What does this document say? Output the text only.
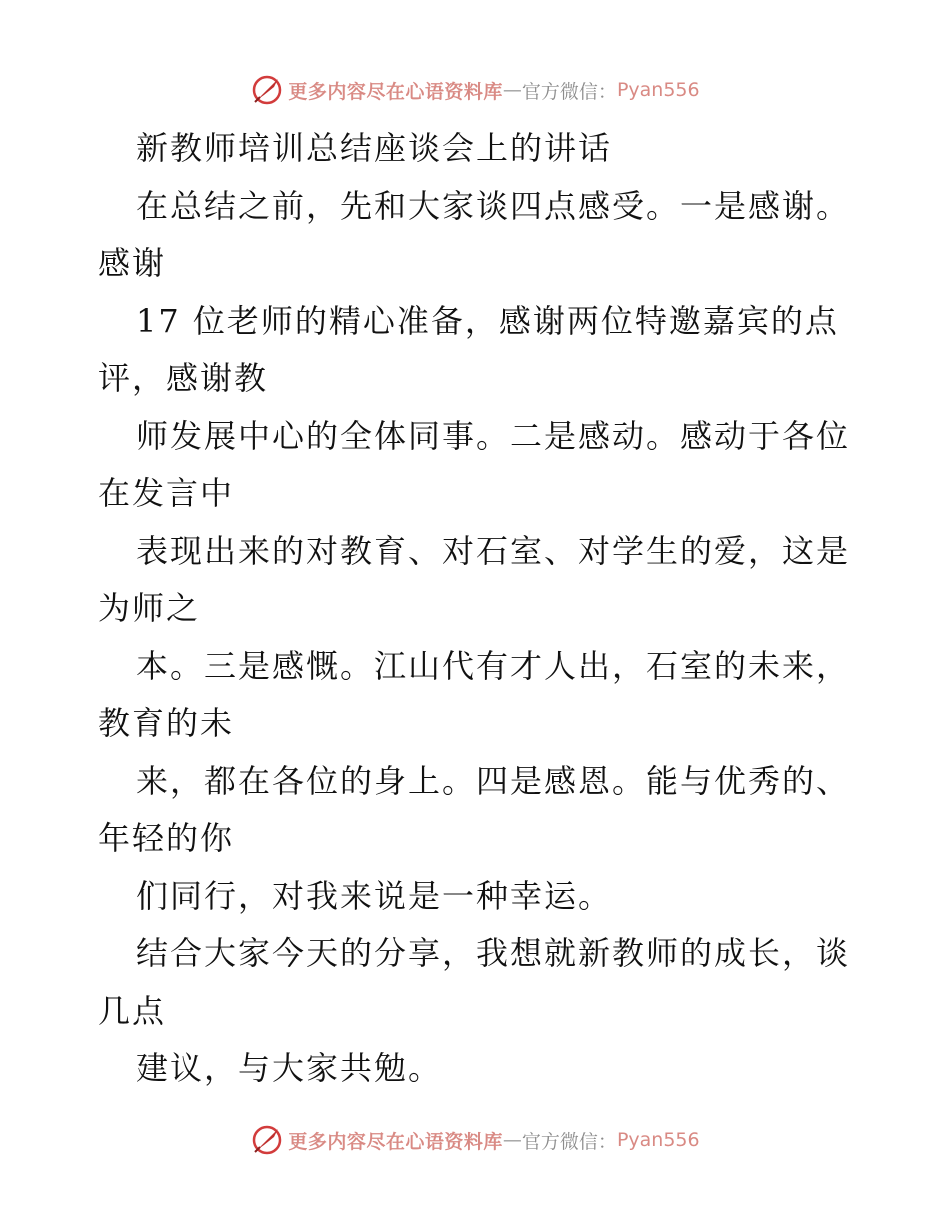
更多内容尽在心语资料库 — 官方微信： Pyan556

新教师培训总结座谈会上的讲话

在总结之前，先和大家谈四点感受。一是感谢。

感谢

17 位老师的精心准备，感谢两位特邀嘉宾的点

评，感谢教

师发展中心的全体同事。二是感动。感动于各位

在发言中

表现出来的对教育、对石室、对学生的爱，这是

为师之

本。三是感慨。江山代有才人出，石室的未来，

教育的未

来，都在各位的身上。四是感恩。能与优秀的、

年轻的你

们同行，对我来说是一种幸运。

结合大家今天的分享，我想就新教师的成长，谈

几点

建议，与大家共勉。

更多内容尽在心语资料库 — 官方微信： Pyan556
